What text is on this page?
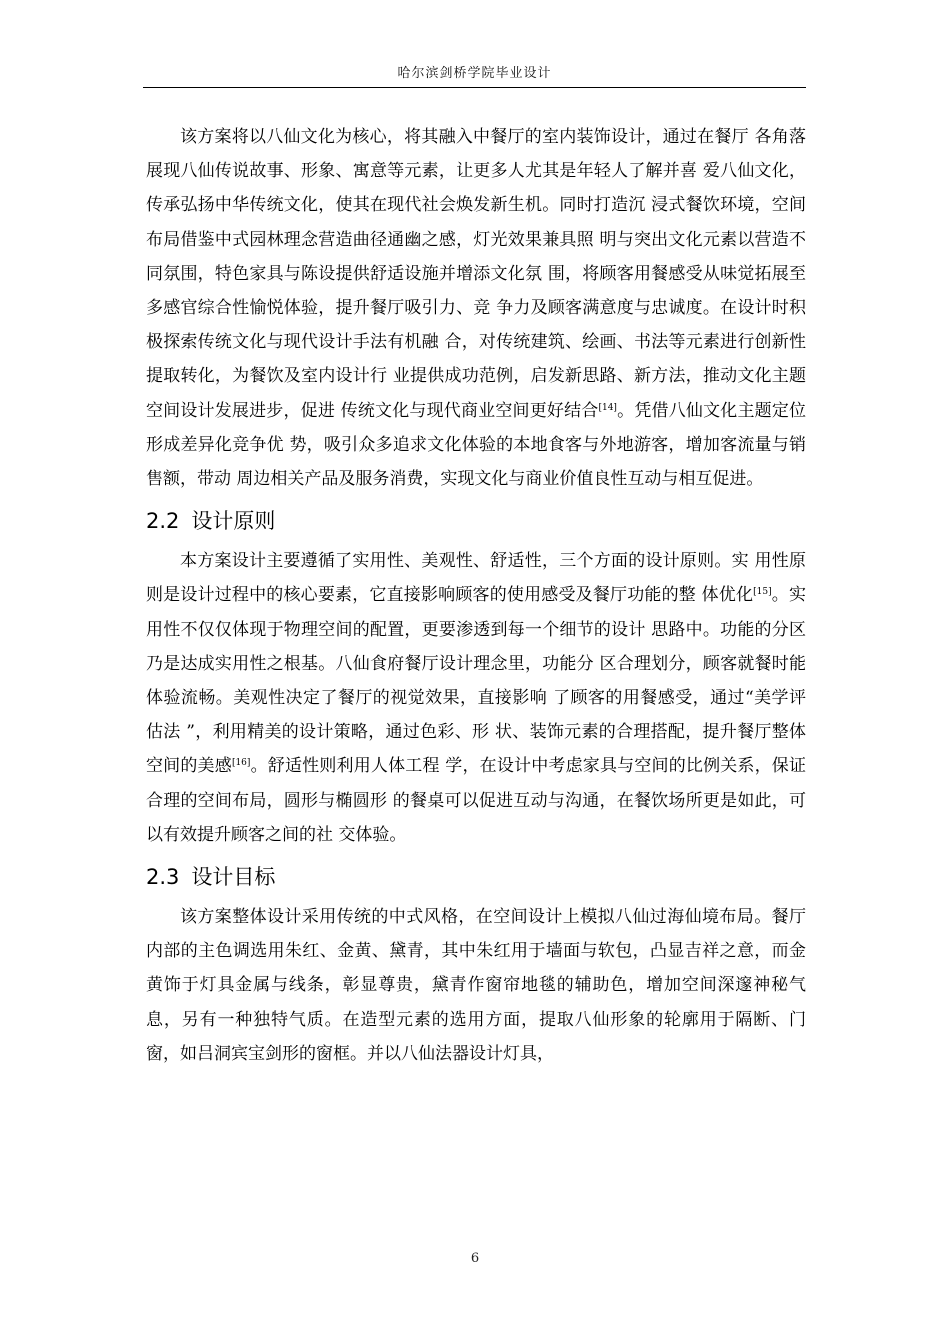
哈尔滨剑桥学院毕业设计

该方案将以八仙文化为核心，将其融入中餐厅的室内装饰设计，通过在餐厅 各角落展现八仙传说故事、形象、寓意等元素，让更多人尤其是年轻人了解并喜 爱八仙文化，传承弘扬中华传统文化，使其在现代社会焕发新生机。同时打造沉 浸式餐饮环境，空间布局借鉴中式园林理念营造曲径通幽之感，灯光效果兼具照 明与突出文化元素以营造不同氛围，特色家具与陈设提供舒适设施并增添文化氛 围，将顾客用餐感受从味觉拓展至多感官综合性愉悦体验，提升餐厅吸引力、竞 争力及顾客满意度与忠诚度。在设计时积极探索传统文化与现代设计手法有机融 合，对传统建筑、绘画、书法等元素进行创新性提取转化，为餐饮及室内设计行 业提供成功范例，启发新思路、新方法，推动文化主题空间设计发展进步，促进 传统文化与现代商业空间更好结合[14]。凭借八仙文化主题定位形成差异化竞争优 势，吸引众多追求文化体验的本地食客与外地游客，增加客流量与销售额，带动 周边相关产品及服务消费，实现文化与商业价值良性互动与相互促进。

2.2 设计原则

本方案设计主要遵循了实用性、美观性、舒适性，三个方面的设计原则。实 用性原则是设计过程中的核心要素，它直接影响顾客的使用感受及餐厅功能的整 体优化[15]。实用性不仅仅体现于物理空间的配置，更要渗透到每一个细节的设计 思路中。功能的分区乃是达成实用性之根基。八仙食府餐厅设计理念里，功能分 区合理划分，顾客就餐时能体验流畅。美观性决定了餐厅的视觉效果，直接影响 了顾客的用餐感受，通过“美学评估法 ”，利用精美的设计策略，通过色彩、形 状、装饰元素的合理搭配，提升餐厅整体空间的美感[16]。舒适性则利用人体工程 学，在设计中考虑家具与空间的比例关系，保证合理的空间布局，圆形与椭圆形 的餐桌可以促进互动与沟通，在餐饮场所更是如此，可以有效提升顾客之间的社 交体验。

2.3 设计目标

该方案整体设计采用传统的中式风格，在空间设计上模拟八仙过海仙境布局。餐厅内部的主色调选用朱红、金黄、黛青，其中朱红用于墙面与软包，凸显吉祥之意，而金黄饰于灯具金属与线条，彰显尊贵，黛青作窗帘地毯的辅助色，增加空间深邃神秘气息，另有一种独特气质。在造型元素的选用方面，提取八仙形象的轮廓用于隔断、门窗，如吕洞宾宝剑形的窗框。并以八仙法器设计灯具，

6
